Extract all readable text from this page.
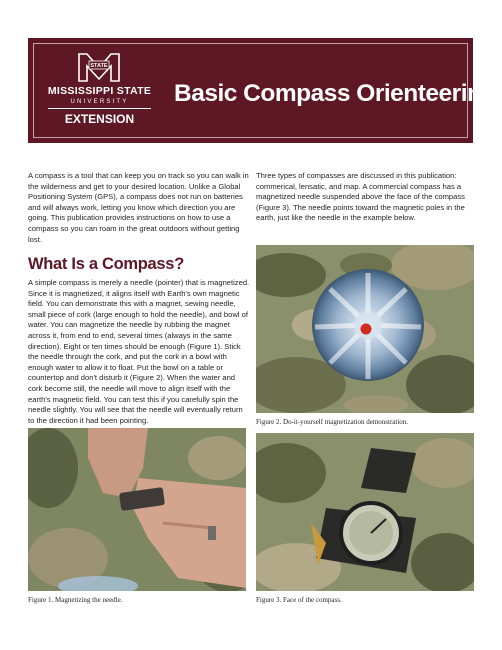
STATE
MISSISSIPPI STATE
UNIVERSITY
EXTENSION
Basic Compass Orienteering

A compass is a tool that can keep you on track so you can walk in the wilderness and get to your desired location. Unlike a Global Positioning System (GPS), a compass does not run on batteries and will always work, letting you know which direction you are going. This publication provides instructions on how to use a compass so you can roam in the great outdoors without getting lost.

What Is a Compass?

A simple compass is merely a needle (pointer) that is magnetized. Since it is magnetized, it aligns itself with Earth's own magnetic field. You can demonstrate this with a magnet, sewing needle, small piece of cork (large enough to hold the needle), and bowl of water. You can magnetize the needle by rubbing the magnet across it, from end to end, several times (always in the same direction). Eight or ten times should be enough (Figure 1). Stick the needle through the cork, and put the cork in a bowl with enough water to allow it to float. Put the bowl on a table or countertop and don't disturb it (Figure 2). When the water and cork become still, the needle will move to align itself with the earth's magnetic field. You can test this if you carefully spin the needle slightly. You will see that the needle will eventually return to the direction it had been pointing.

Three types of compasses are discussed in this publication: commerical, lensatic, and map. A commercial compass has a magnetized needle suspended above the face of the compass (Figure 3). The needle points toward the magnetic poles in the earth, just like the needle in the example below.

Figure 2. Do-it-yourself magnetization demonstration.
Figure 1. Magnetizing the needle.	Figure 3. Face of the compass.
